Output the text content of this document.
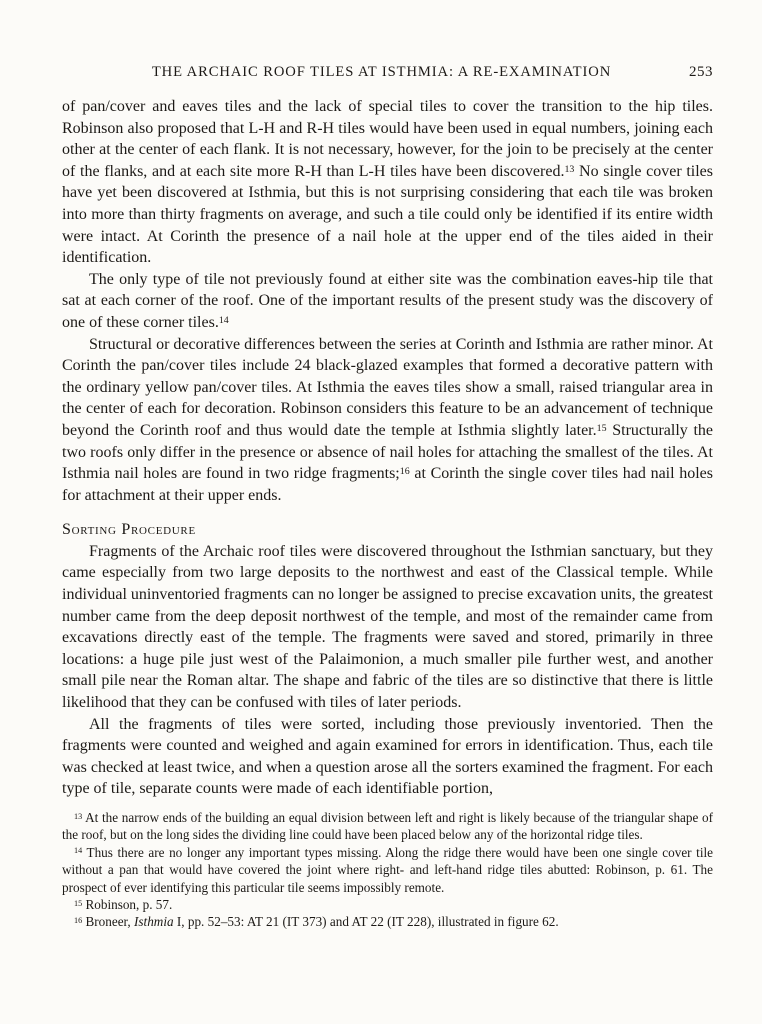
THE ARCHAIC ROOF TILES AT ISTHMIA: A RE-EXAMINATION	253

of pan/cover and eaves tiles and the lack of special tiles to cover the transition to the hip tiles. Robinson also proposed that L-H and R-H tiles would have been used in equal numbers, joining each other at the center of each flank. It is not necessary, however, for the join to be precisely at the center of the flanks, and at each site more R-H than L-H tiles have been discovered.$^{13}$ No single cover tiles have yet been discovered at Isthmia, but this is not surprising considering that each tile was broken into more than thirty fragments on average, and such a tile could only be identified if its entire width were intact. At Corinth the presence of a nail hole at the upper end of the tiles aided in their identification.

The only type of tile not previously found at either site was the combination eaves-hip tile that sat at each corner of the roof. One of the important results of the present study was the discovery of one of these corner tiles.$^{14}$

Structural or decorative differences between the series at Corinth and Isthmia are rather minor. At Corinth the pan/cover tiles include 24 black-glazed examples that formed a decorative pattern with the ordinary yellow pan/cover tiles. At Isthmia the eaves tiles show a small, raised triangular area in the center of each for decoration. Robinson considers this feature to be an advancement of technique beyond the Corinth roof and thus would date the temple at Isthmia slightly later.$^{15}$ Structurally the two roofs only differ in the presence or absence of nail holes for attaching the smallest of the tiles. At Isthmia nail holes are found in two ridge fragments;$^{16}$ at Corinth the single cover tiles had nail holes for attachment at their upper ends.

Sorting Procedure

Fragments of the Archaic roof tiles were discovered throughout the Isthmian sanctuary, but they came especially from two large deposits to the northwest and east of the Classical temple. While individual uninventoried fragments can no longer be assigned to precise excavation units, the greatest number came from the deep deposit northwest of the temple, and most of the remainder came from excavations directly east of the temple. The fragments were saved and stored, primarily in three locations: a huge pile just west of the Palaimonion, a much smaller pile further west, and another small pile near the Roman altar. The shape and fabric of the tiles are so distinctive that there is little likelihood that they can be confused with tiles of later periods.

All the fragments of tiles were sorted, including those previously inventoried. Then the fragments were counted and weighed and again examined for errors in identification. Thus, each tile was checked at least twice, and when a question arose all the sorters examined the fragment. For each type of tile, separate counts were made of each identifiable portion,

$^{13}$ At the narrow ends of the building an equal division between left and right is likely because of the triangular shape of the roof, but on the long sides the dividing line could have been placed below any of the horizontal ridge tiles.

$^{14}$ Thus there are no longer any important types missing. Along the ridge there would have been one single cover tile without a pan that would have covered the joint where right- and left-hand ridge tiles abutted: Robinson, p. 61. The prospect of ever identifying this particular tile seems impossibly remote.

$^{15}$ Robinson, p. 57.

$^{16}$ Broneer, Isthmia I, pp. 52–53: AT 21 (IT 373) and AT 22 (IT 228), illustrated in figure 62.
